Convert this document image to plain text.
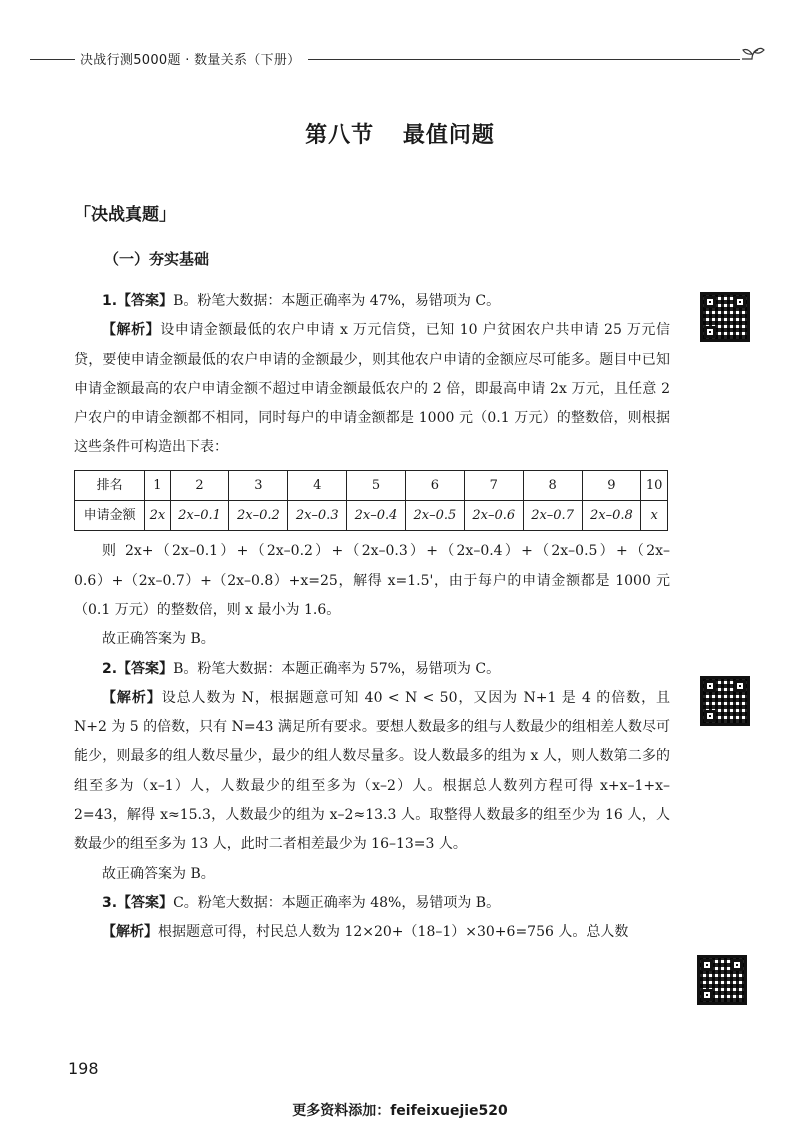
决战行测5000题 · 数量关系（下册）
第八节 最值问题
「决战真题」
（一）夯实基础

1.【答案】B。粉笔大数据：本题正确率为 47%，易错项为 C。

【解析】设申请金额最低的农户申请 x 万元信贷，已知 10 户贫困农户共申请 25 万元信贷，要使申请金额最低的农户申请的金额最少，则其他农户申请的金额应尽可能多。题目中已知申请金额最高的农户申请金额不超过申请金额最低农户的 2 倍，即最高申请 2x 万元，且任意 2 户农户的申请金额都不相同，同时每户的申请金额都是 1000 元（0.1 万元）的整数倍，则根据这些条件可构造出下表：

排名	1	2	3	4	5	6	7	8	9	10
申请金额	2x	2x–0.1	2x–0.2	2x–0.3	2x–0.4	2x–0.5	2x–0.6	2x–0.7	2x–0.8	x

则 2x+（2x–0.1）+（2x–0.2）+（2x–0.3）+（2x–0.4）+（2x–0.5）+（2x–0.6）+（2x–0.7）+（2x–0.8）+x=25，解得 x=1.5'，由于每户的申请金额都是 1000 元（0.1 万元）的整数倍，则 x 最小为 1.6。

故正确答案为 B。

2.【答案】B。粉笔大数据：本题正确率为 57%，易错项为 C。

【解析】设总人数为 N，根据题意可知 40 < N < 50，又因为 N+1 是 4 的倍数，且 N+2 为 5 的倍数，只有 N=43 满足所有要求。要想人数最多的组与人数最少的组相差人数尽可能少，则最多的组人数尽量少，最少的组人数尽量多。设人数最多的组为 x 人，则人数第二多的组至多为（x–1）人，人数最少的组至多为（x–2）人。根据总人数列方程可得 x+x–1+x–2=43，解得 x≈15.3，人数最少的组为 x–2≈13.3 人。取整得人数最多的组至少为 16 人，人数最少的组至多为 13 人，此时二者相差最少为 16–13=3 人。

故正确答案为 B。

3.【答案】C。粉笔大数据：本题正确率为 48%，易错项为 B。

【解析】根据题意可得，村民总人数为 12×20+（18–1）×30+6=756 人。总人数

198
更多资料添加：feifeixuejie520
